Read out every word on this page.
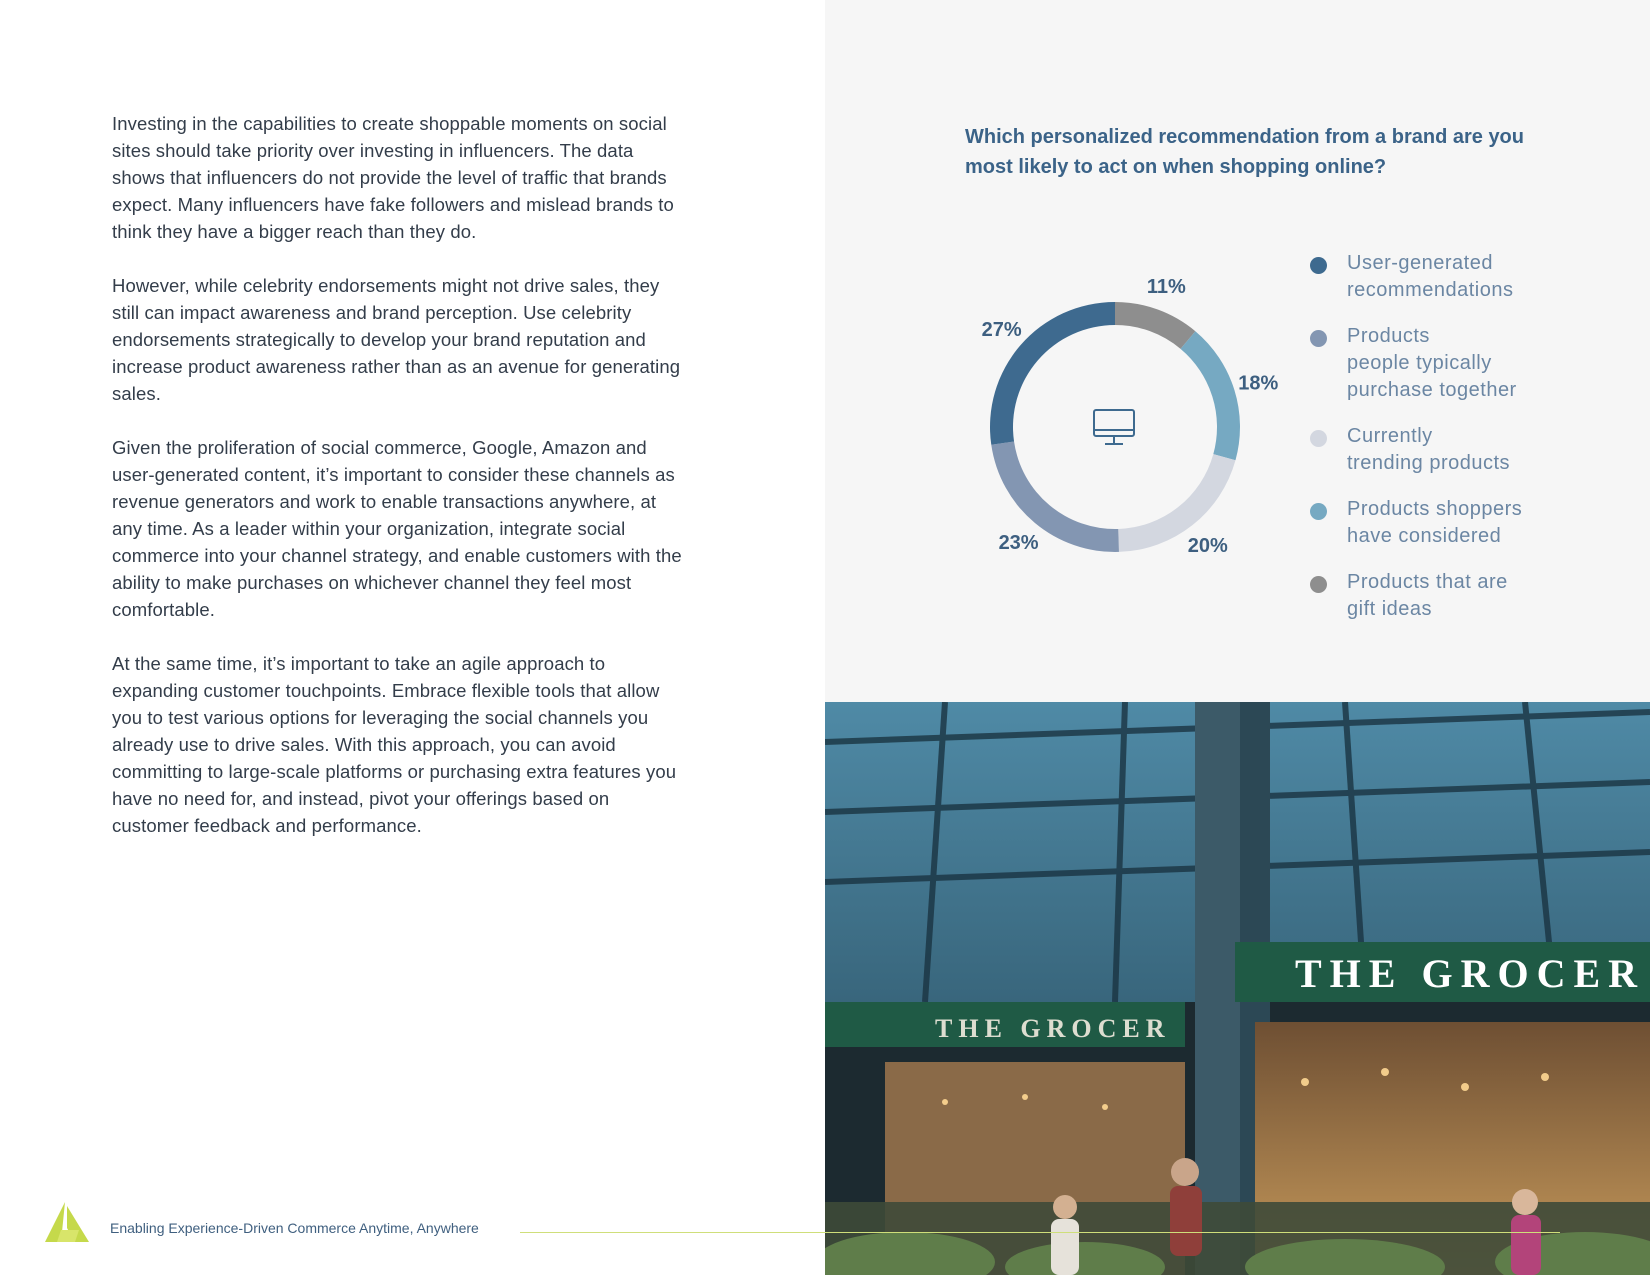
Investing in the capabilities to create shoppable moments on social sites should take priority over investing in influencers. The data shows that influencers do not provide the level of traffic that brands expect. Many influencers have fake followers and mislead brands to think they have a bigger reach than they do.

However, while celebrity endorsements might not drive sales, they still can impact awareness and brand perception. Use celebrity endorsements strategically to develop your brand reputation and increase product awareness rather than as an avenue for generating sales.

Given the proliferation of social commerce, Google, Amazon and user-generated content, it’s important to consider these channels as revenue generators and work to enable transactions anywhere, at any time. As a leader within your organization, integrate social commerce into your channel strategy, and enable customers with the ability to make purchases on whichever channel they feel most comfortable.

At the same time, it’s important to take an agile approach to expanding customer touchpoints. Embrace flexible tools that allow you to test various options for leveraging the social channels you already use to drive sales. With this approach, you can avoid committing to large-scale platforms or purchasing extra features you have no need for, and instead, pivot your offerings based on customer feedback and performance.

Which personalized recommendation from a brand are you most likely to act on when shopping online?
11%
18%
20%
23%
27%
User-generated
recommendations
Products
people typically
purchase together
Currently
trending products
Products shoppers
have considered
Products that are
gift ideas
THE GROCER
THE GROCER
Enabling Experience-Driven Commerce Anytime, Anywhere
